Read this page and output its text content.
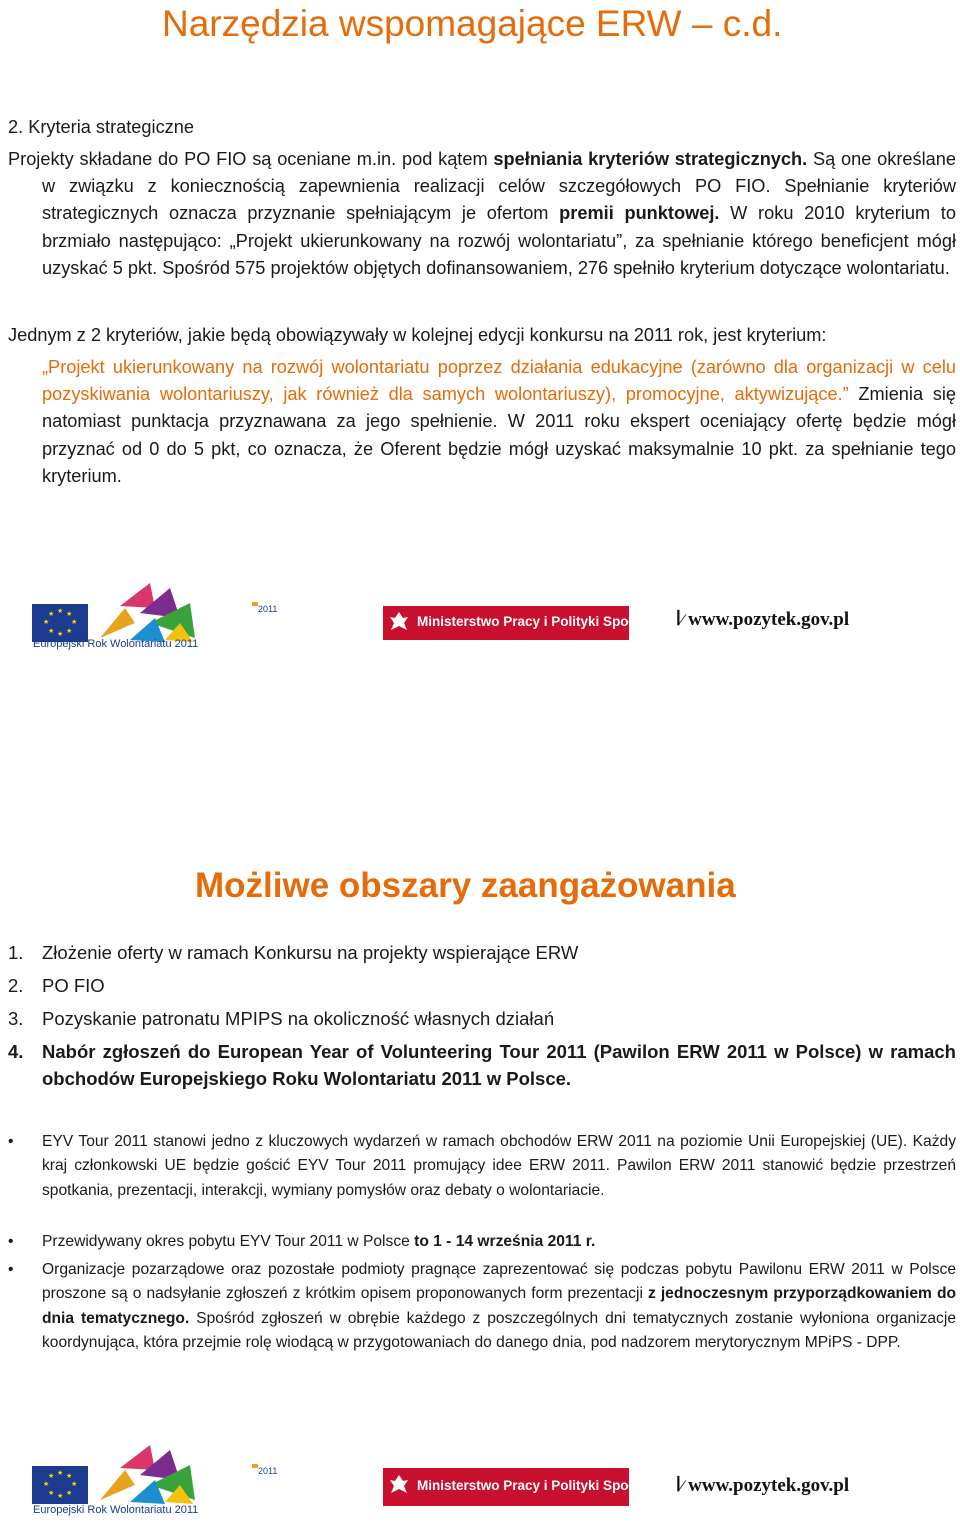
Narzędzia wspomagające ERW – c.d.
2. Kryteria strategiczne
Projekty składane do PO FIO są oceniane m.in. pod kątem spełniania kryteriów strategicznych. Są one określane w związku z koniecznością zapewnienia realizacji celów szczegółowych PO FIO. Spełnianie kryteriów strategicznych oznacza przyznanie spełniającym je ofertom premii punktowej. W roku 2010 kryterium to brzmiało następująco: „Projekt ukierunkowany na rozwój wolontariatu”, za spełnianie którego beneficjent mógł uzyskać 5 pkt. Spośród 575 projektów objętych dofinansowaniem, 276 spełniło kryterium dotyczące wolontariatu.
Jednym z 2 kryteriów, jakie będą obowiązywały w kolejnej edycji konkursu na 2011 rok, jest kryterium:
„Projekt ukierunkowany na rozwój wolontariatu poprzez działania edukacyjne (zarówno dla organizacji w celu pozyskiwania wolontariuszy, jak również dla samych wolontariuszy), promocyjne, aktywizujące.” Zmienia się natomiast punktacja przyznawana za jego spełnienie. W 2011 roku ekspert oceniający ofertę będzie mógł przyznać od 0 do 5 pkt, co oznacza, że Oferent będzie mógł uzyskać maksymalnie 10 pkt. za spełnianie tego kryterium.
★ ★
★
★
★
★
★
★
Europejski Rok Wolontariatu 2011
2011
Ministerstwo Pracy i Polityki Społecznej ꟾ⁄ www.pozytek.gov.pl
Możliwe obszary zaangażowania
1. Złożenie oferty w ramach Konkursu na projekty wspierające ERW
2. PO FIO
3. Pozyskanie patronatu MPIPS na okoliczność własnych działań
4. Nabór zgłoszeń do European Year of Volunteering Tour 2011 (Pawilon ERW 2011 w Polsce) w ramach obchodów Europejskiego Roku Wolontariatu 2011 w Polsce.
• EYV Tour 2011 stanowi jedno z kluczowych wydarzeń w ramach obchodów ERW 2011 na poziomie Unii Europejskiej (UE). Każdy kraj członkowski UE będzie gościć EYV Tour 2011 promujący idee ERW 2011. Pawilon ERW 2011 stanowić będzie przestrzeń spotkania, prezentacji, interakcji, wymiany pomysłów oraz debaty o wolontariacie.
• Przewidywany okres pobytu EYV Tour 2011 w Polsce to 1 - 14 września 2011 r.
• Organizacje pozarządowe oraz pozostałe podmioty pragnące zaprezentować się podczas pobytu Pawilonu ERW 2011 w Polsce proszone są o nadsyłanie zgłoszeń z krótkim opisem proponowanych form prezentacji z jednoczesnym przyporządkowaniem do dnia tematycznego. Spośród zgłoszeń w obrębie każdego z poszczególnych dni tematycznych zostanie wyłoniona organizacje koordynująca, która przejmie rolę wiodącą w przygotowaniach do danego dnia, pod nadzorem merytorycznym MPiPS - DPP.
★ ★
★
★
★
★
★
★
Europejski Rok Wolontariatu 2011
2011
Ministerstwo Pracy i Polityki Społecznej ꟾ⁄ www.pozytek.gov.pl
